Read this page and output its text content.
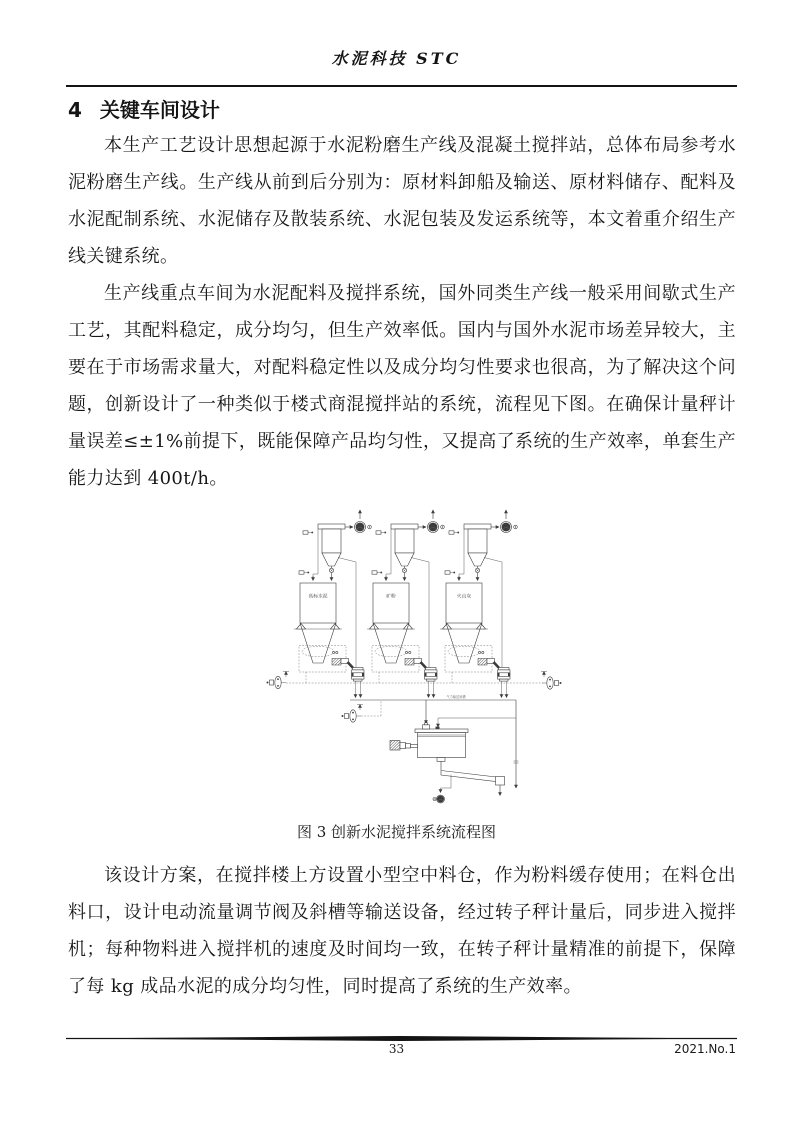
水泥科技 STC
4 关键车间设计

本生产工艺设计思想起源于水泥粉磨生产线及混凝土搅拌站，总体布局参考水泥粉磨生产线。生产线从前到后分别为：原材料卸船及输送、原材料储存、配料及水泥配制系统、水泥储存及散装系统、水泥包装及发运系统等，本文着重介绍生产线关键系统。

生产线重点车间为水泥配料及搅拌系统，国外同类生产线一般采用间歇式生产工艺，其配料稳定，成分均匀，但生产效率低。国内与国外水泥市场差异较大，主要在于市场需求量大，对配料稳定性以及成分均匀性要求也很高，为了解决这个问题，创新设计了一种类似于楼式商混搅拌站的系统，流程见下图。在确保计量秤计量误差≤±1%前提下，既能保障产品均匀性，又提高了系统的生产效率，单套生产能力达到 400t/h。

高标水泥	矿粉	火山灰
气力输送斜槽
图 3 创新水泥搅拌系统流程图

该设计方案，在搅拌楼上方设置小型空中料仓，作为粉料缓存使用；在料仓出料口，设计电动流量调节阀及斜槽等输送设备，经过转子秤计量后，同步进入搅拌机；每种物料进入搅拌机的速度及时间均一致，在转子秤计量精准的前提下，保障了每 kg 成品水泥的成分均匀性，同时提高了系统的生产效率。

33	2021.No.1
